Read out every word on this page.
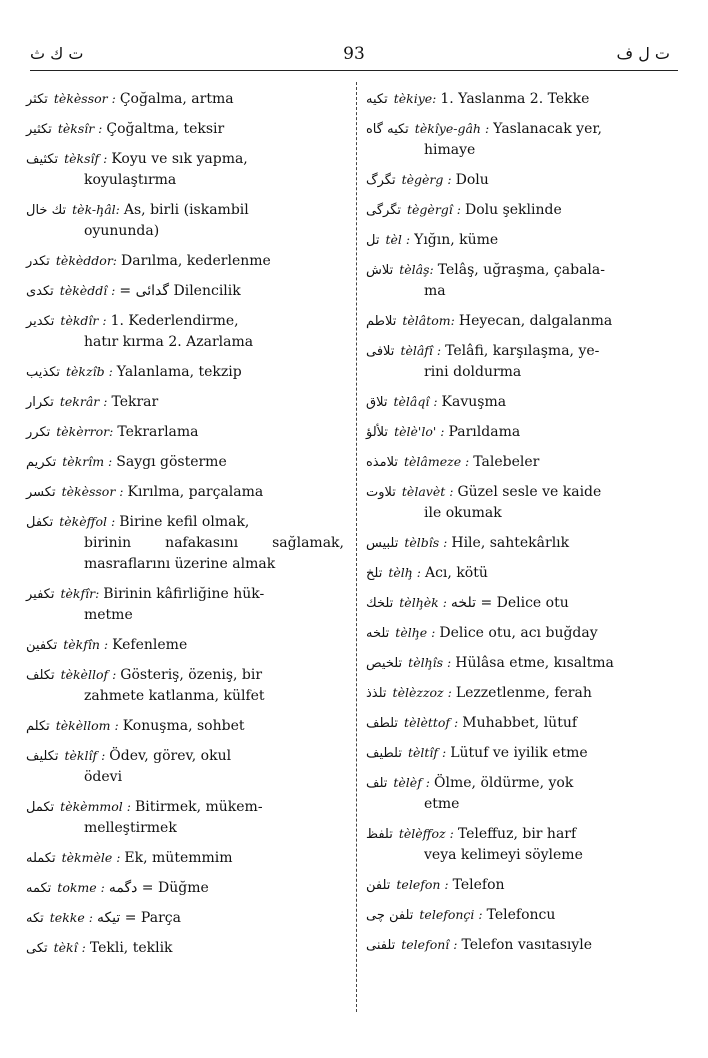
ت ك ث	93	ت ل ف
تكثر tèkèssor : Çoğalma, artma
تكثير tèksîr : Çoğaltma, teksir
تكثيف tèksîf : Koyu ve sık yapma,
koyulaştırma
تك خال tèk-ḩâl: As, birli (iskambil
oyununda)
تكدر tèkèddor: Darılma, kederlenme
تكدى tèkèddî : = گدائی Dilencilik
تكدير tèkdîr : 1. Kederlendirme,
hatır kırma 2. Azarlama
تكذيب tèkzîb : Yalanlama, tekzip
تكرار tekrâr : Tekrar
تكرر tèkèrror: Tekrarlama
تكريم tèkrîm : Saygı gösterme
تكسر tèkèssor : Kırılma, parçalama
تكفل tèkèffol : Birine kefil olmak,
birinin nafakasını sağlamak, masraflarını üzerine almak
تكفير tèkfîr: Birinin kâfirliğine hük-
metme
تكفين tèkfîn : Kefenleme
تكلف tèkèllof : Gösteriş, özeniş, bir
zahmete katlanma, külfet
تكلم tèkèllom : Konuşma, sohbet
تكليف tèklîf : Ödev, görev, okul
ödevi
تكمل tèkèmmol : Bitirmek, mükem-
melleştirmek
تكمله tèkmèle : Ek, mütemmim
تكمه tokme : دگمه = Düğme
تكه tekke : تيكه = Parça
تكى tèkî : Tekli, teklik
تكيه tèkiye: 1. Yaslanma 2. Tekke
تكيه گاه tèkîye-gâh : Yaslanacak yer,
himaye
تگرگ tègèrg : Dolu
تگرگى tègèrgî : Dolu şeklinde
تل tèl : Yığın, küme
تلاش tèlâş: Telâş, uğraşma, çabala-
ma
تلاطم tèlâtom: Heyecan, dalgalanma
تلافى tèlâfî : Telâfi, karşılaşma, ye-
rini doldurma
تلاق tèlâqî : Kavuşma
تلألؤ tèlè'lo' : Parıldama
تلامذه tèlâmeze : Talebeler
تلاوت tèlavèt : Güzel sesle ve kaide
ile okumak
تلبيس tèlbîs : Hile, sahtekârlık
تلخ tèlḩ : Acı, kötü
تلخك tèlḩèk : تلخه = Delice otu
تلخه tèlḩe : Delice otu, acı buğday
تلخيص tèlḩîs : Hülâsa etme, kısaltma
تلذذ tèlèzzoz : Lezzetlenme, ferah
تلطف tèlèttof : Muhabbet, lütuf
تلطيف tèltîf : Lütuf ve iyilik etme
تلف tèlèf : Ölme, öldürme, yok
etme
تلفظ tèlèffoz : Teleffuz, bir harf
veya kelimeyi söyleme
تلفن telefon : Telefon
تلفن چى telefonçi : Telefoncu
تلفنى telefonî : Telefon vasıtasıyle
